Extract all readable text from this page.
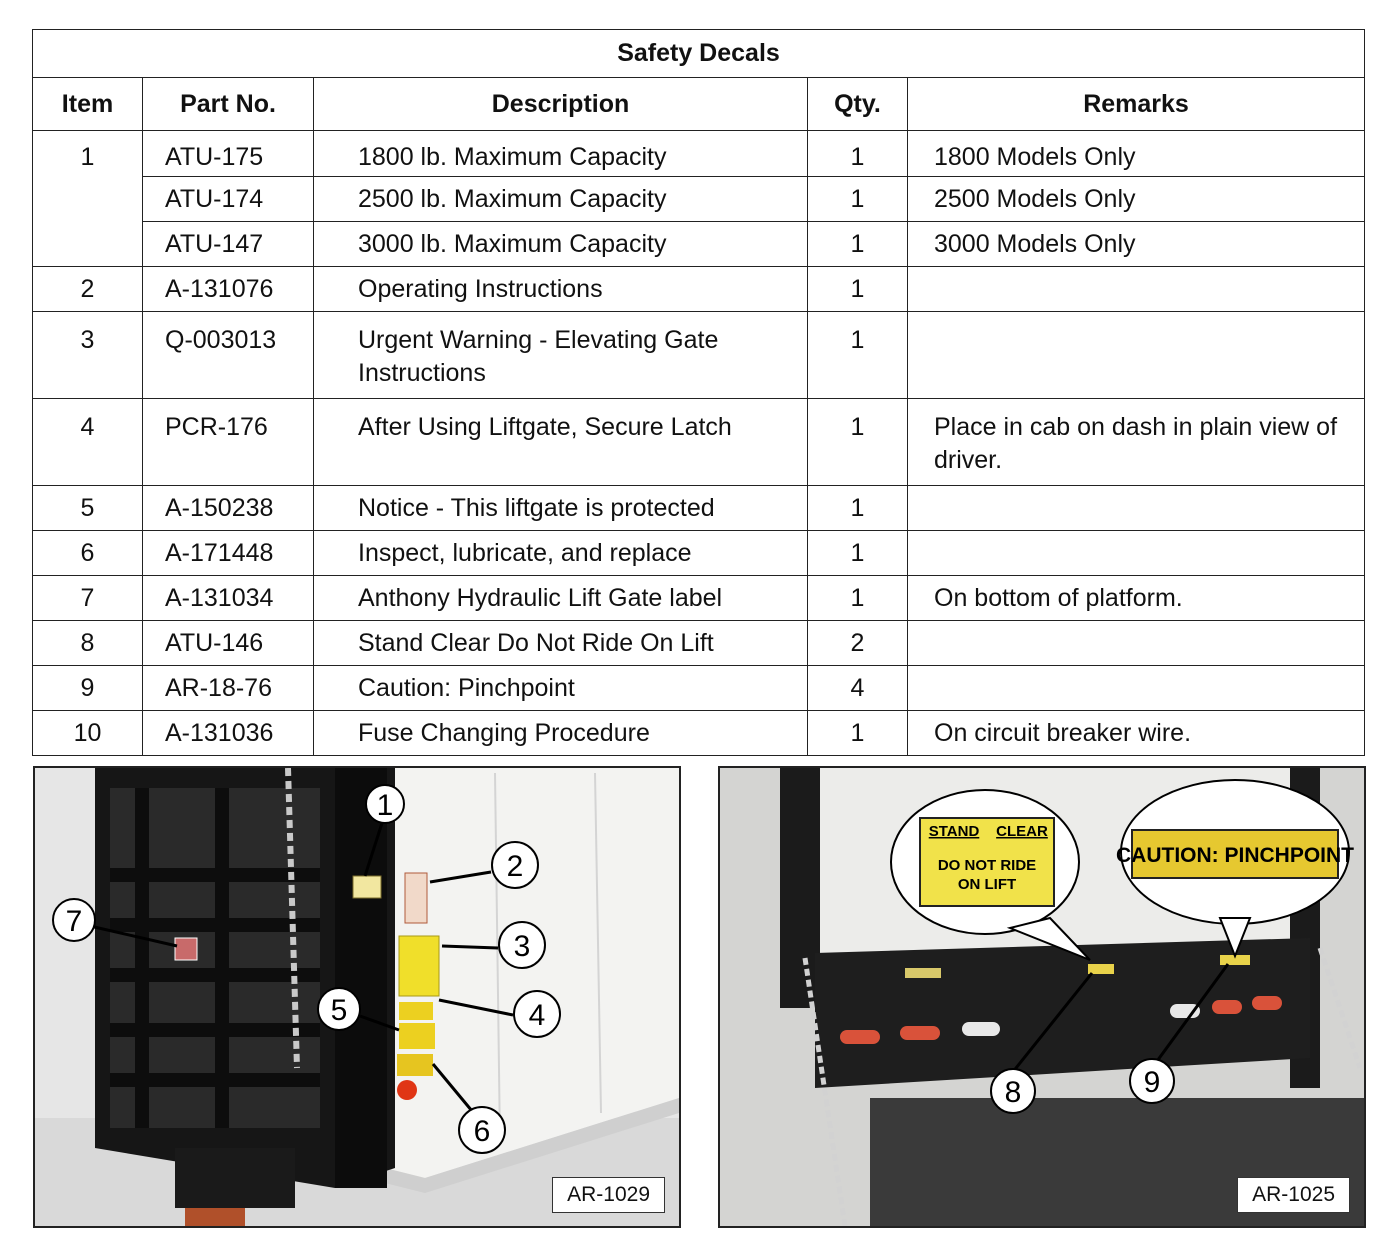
Safety Decals				
Item	Part No.	Description	Qty.	Remarks
1	ATU-175	1800 lb. Maximum Capacity	1	1800 Models Only
	ATU-174	2500 lb. Maximum Capacity	1	2500 Models Only
	ATU-147	3000 lb. Maximum Capacity	1	3000 Models Only
2	A-131076	Operating Instructions	1	
3	Q-003013	Urgent Warning - Elevating Gate Instructions	1	
4	PCR-176	After Using Liftgate, Secure Latch	1	Place in cab on dash in plain view of driver.
5	A-150238	Notice - This liftgate is protected	1	
6	A-171448	Inspect, lubricate, and replace	1	
7	A-131034	Anthony Hydraulic Lift Gate label	1	On bottom of platform.
8	ATU-146	Stand Clear Do Not Ride On Lift	2	
9	AR-18-76	Caution: Pinchpoint	4	
10	A-131036	Fuse Changing Procedure	1	On circuit breaker wire.
1
2
3
4
5
6
7
AR-1029
STAND CLEAR
DO NOT RIDE
ON LIFT
CAUTION: PINCHPOINT
8	9
AR-1025
